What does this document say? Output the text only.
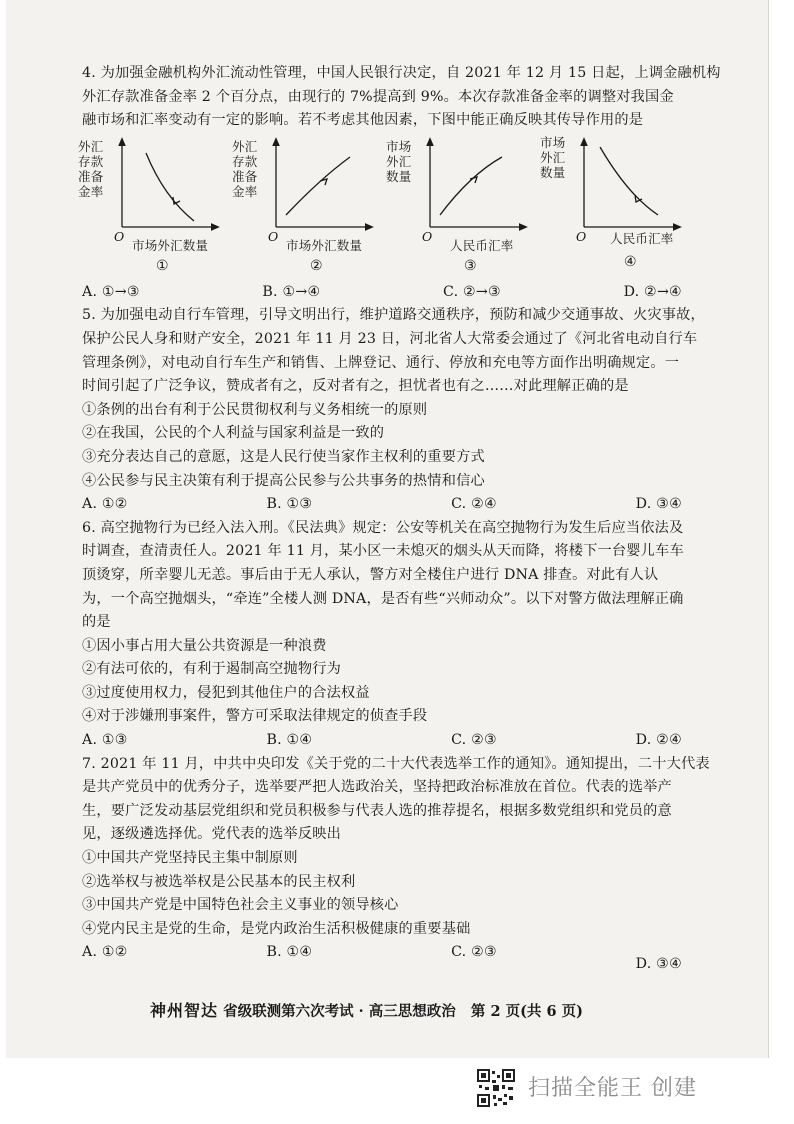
4. 为加强金融机构外汇流动性管理，中国人民银行决定，自 2021 年 12 月 15 日起，上调金融机构
外汇存款准备金率 2 个百分点，由现行的 7%提高到 9%。本次存款准备金率的调整对我国金
融市场和汇率变动有一定的影响。若不考虑其他因素，下图中能正确反映其传导作用的是
外汇
存款
准备
金率
O
市场外汇数量
①
外汇
存款
准备
金率
O
市场外汇数量
②
市场
外汇
数量
O
人民币汇率
③
市场
外汇
数量
O 人民币汇率
④
A. ①→③	B. ①→④	C. ②→③	D. ②→④
5. 为加强电动自行车管理，引导文明出行，维护道路交通秩序，预防和减少交通事故、火灾事故，
保护公民人身和财产安全，2021 年 11 月 23 日，河北省人大常委会通过了《河北省电动自行车
管理条例》，对电动自行车生产和销售、上牌登记、通行、停放和充电等方面作出明确规定。一
时间引起了广泛争议，赞成者有之，反对者有之，担忧者也有之……对此理解正确的是
①条例的出台有利于公民贯彻权利与义务相统一的原则
②在我国，公民的个人利益与国家利益是一致的
③充分表达自己的意愿，这是人民行使当家作主权利的重要方式
④公民参与民主决策有利于提高公民参与公共事务的热情和信心
A. ①②	B. ①③	C. ②④	D. ③④
6. 高空抛物行为已经入法入刑。《民法典》规定：公安等机关在高空抛物行为发生后应当依法及
时调查，查清责任人。2021 年 11 月，某小区一未熄灭的烟头从天而降，将楼下一台婴儿车车
顶烫穿，所幸婴儿无恙。事后由于无人承认，警方对全楼住户进行 DNA 排查。对此有人认
为，一个高空抛烟头，“牵连”全楼人测 DNA，是否有些“兴师动众”。以下对警方做法理解正确
的是
①因小事占用大量公共资源是一种浪费
②有法可依的，有利于遏制高空抛物行为
③过度使用权力，侵犯到其他住户的合法权益
④对于涉嫌刑事案件，警方可采取法律规定的侦查手段
A. ①③	B. ①④	C. ②③	D. ②④
7. 2021 年 11 月，中共中央印发《关于党的二十大代表选举工作的通知》。通知提出，二十大代表
是共产党员中的优秀分子，选举要严把人选政治关，坚持把政治标准放在首位。代表的选举产
生，要广泛发动基层党组织和党员积极参与代表人选的推荐提名，根据多数党组织和党员的意
见，逐级遴选择优。党代表的选举反映出
①中国共产党坚持民主集中制原则
②选举权与被选举权是公民基本的民主权利
③中国共产党是中国特色社会主义事业的领导核心
④党内民主是党的生命，是党内政治生活积极健康的重要基础
A. ①②	B. ①④	C. ②③
D. ③④
神州智达 省级联测第六次考试 · 高三思想政治 第 2 页(共 6 页)
扫描全能王 创建
